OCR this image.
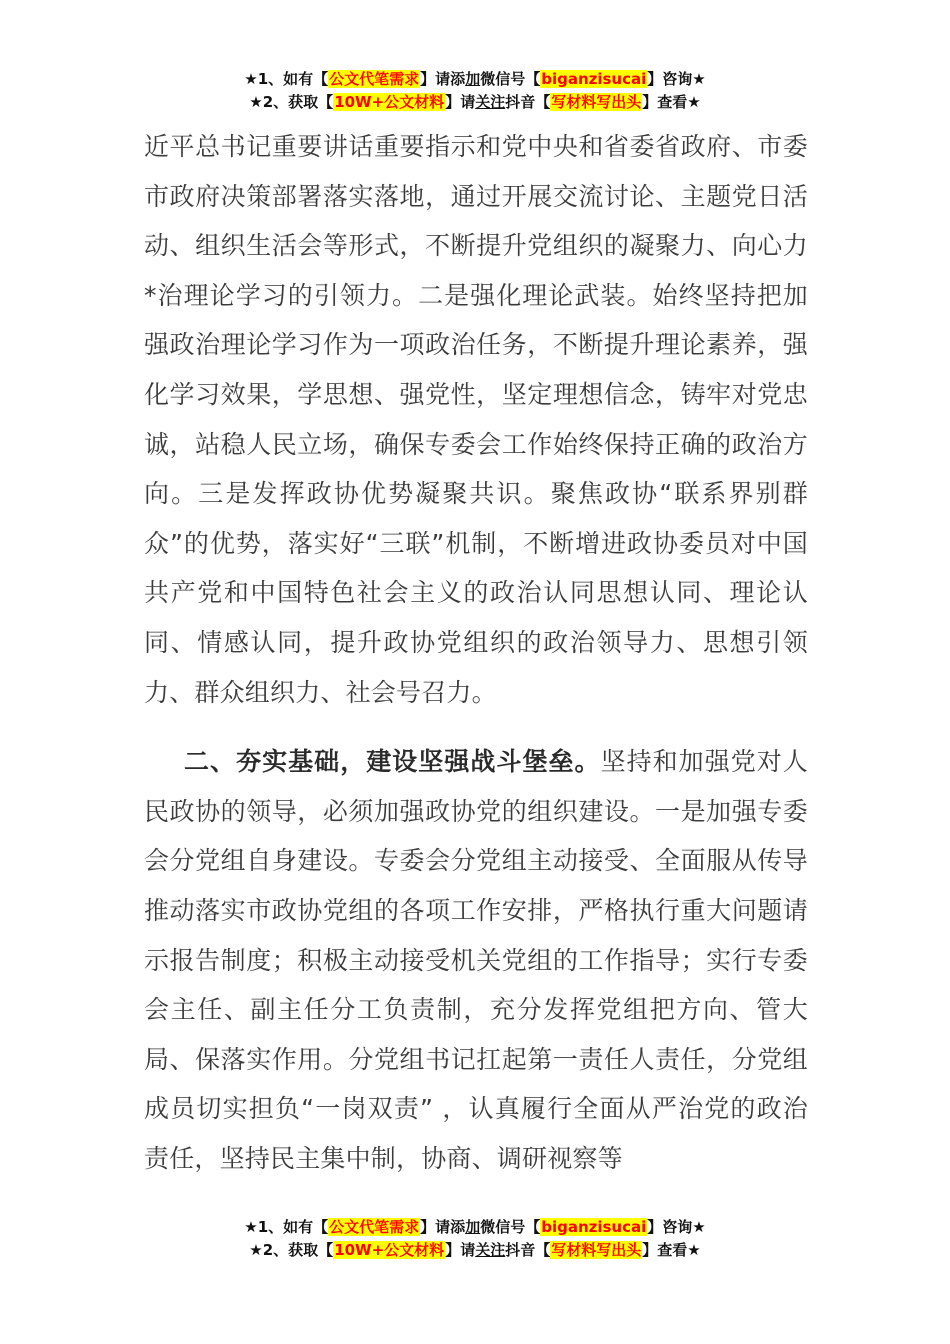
★1、如有【公文代笔需求】请添加微信号【biganzisucai】咨询★
★2、获取【10W+公文材料】请关注抖音【写材料写出头】查看★

近平总书记重要讲话重要指示和党中央和省委省政府、市委市政府决策部署落实落地，通过开展交流讨论、主题党日活动、组织生活会等形式，不断提升党组织的凝聚力、向心力*治理论学习的引领力。二是强化理论武装。始终坚持把加强政治理论学习作为一项政治任务，不断提升理论素养，强化学习效果，学思想、强党性，坚定理想信念，铸牢对党忠诚，站稳人民立场，确保专委会工作始终保持正确的政治方向。三是发挥政协优势凝聚共识。聚焦政协“联系界别群众”的优势，落实好“三联”机制，不断增进政协委员对中国共产党和中国特色社会主义的政治认同思想认同、理论认同、情感认同，提升政协党组织的政治领导力、思想引领力、群众组织力、社会号召力。

二、夯实基础，建设坚强战斗堡垒。坚持和加强党对人民政协的领导，必须加强政协党的组织建设。一是加强专委会分党组自身建设。专委会分党组主动接受、全面服从传导推动落实市政协党组的各项工作安排，严格执行重大问题请示报告制度；积极主动接受机关党组的工作指导；实行专委会主任、副主任分工负责制，充分发挥党组把方向、管大局、保落实作用。分党组书记扛起第一责任人责任，分党组成员切实担负“一岗双责” ，认真履行全面从严治党的政治责任，坚持民主集中制，协商、调研视察等

★1、如有【公文代笔需求】请添加微信号【biganzisucai】咨询★
★2、获取【10W+公文材料】请关注抖音【写材料写出头】查看★
